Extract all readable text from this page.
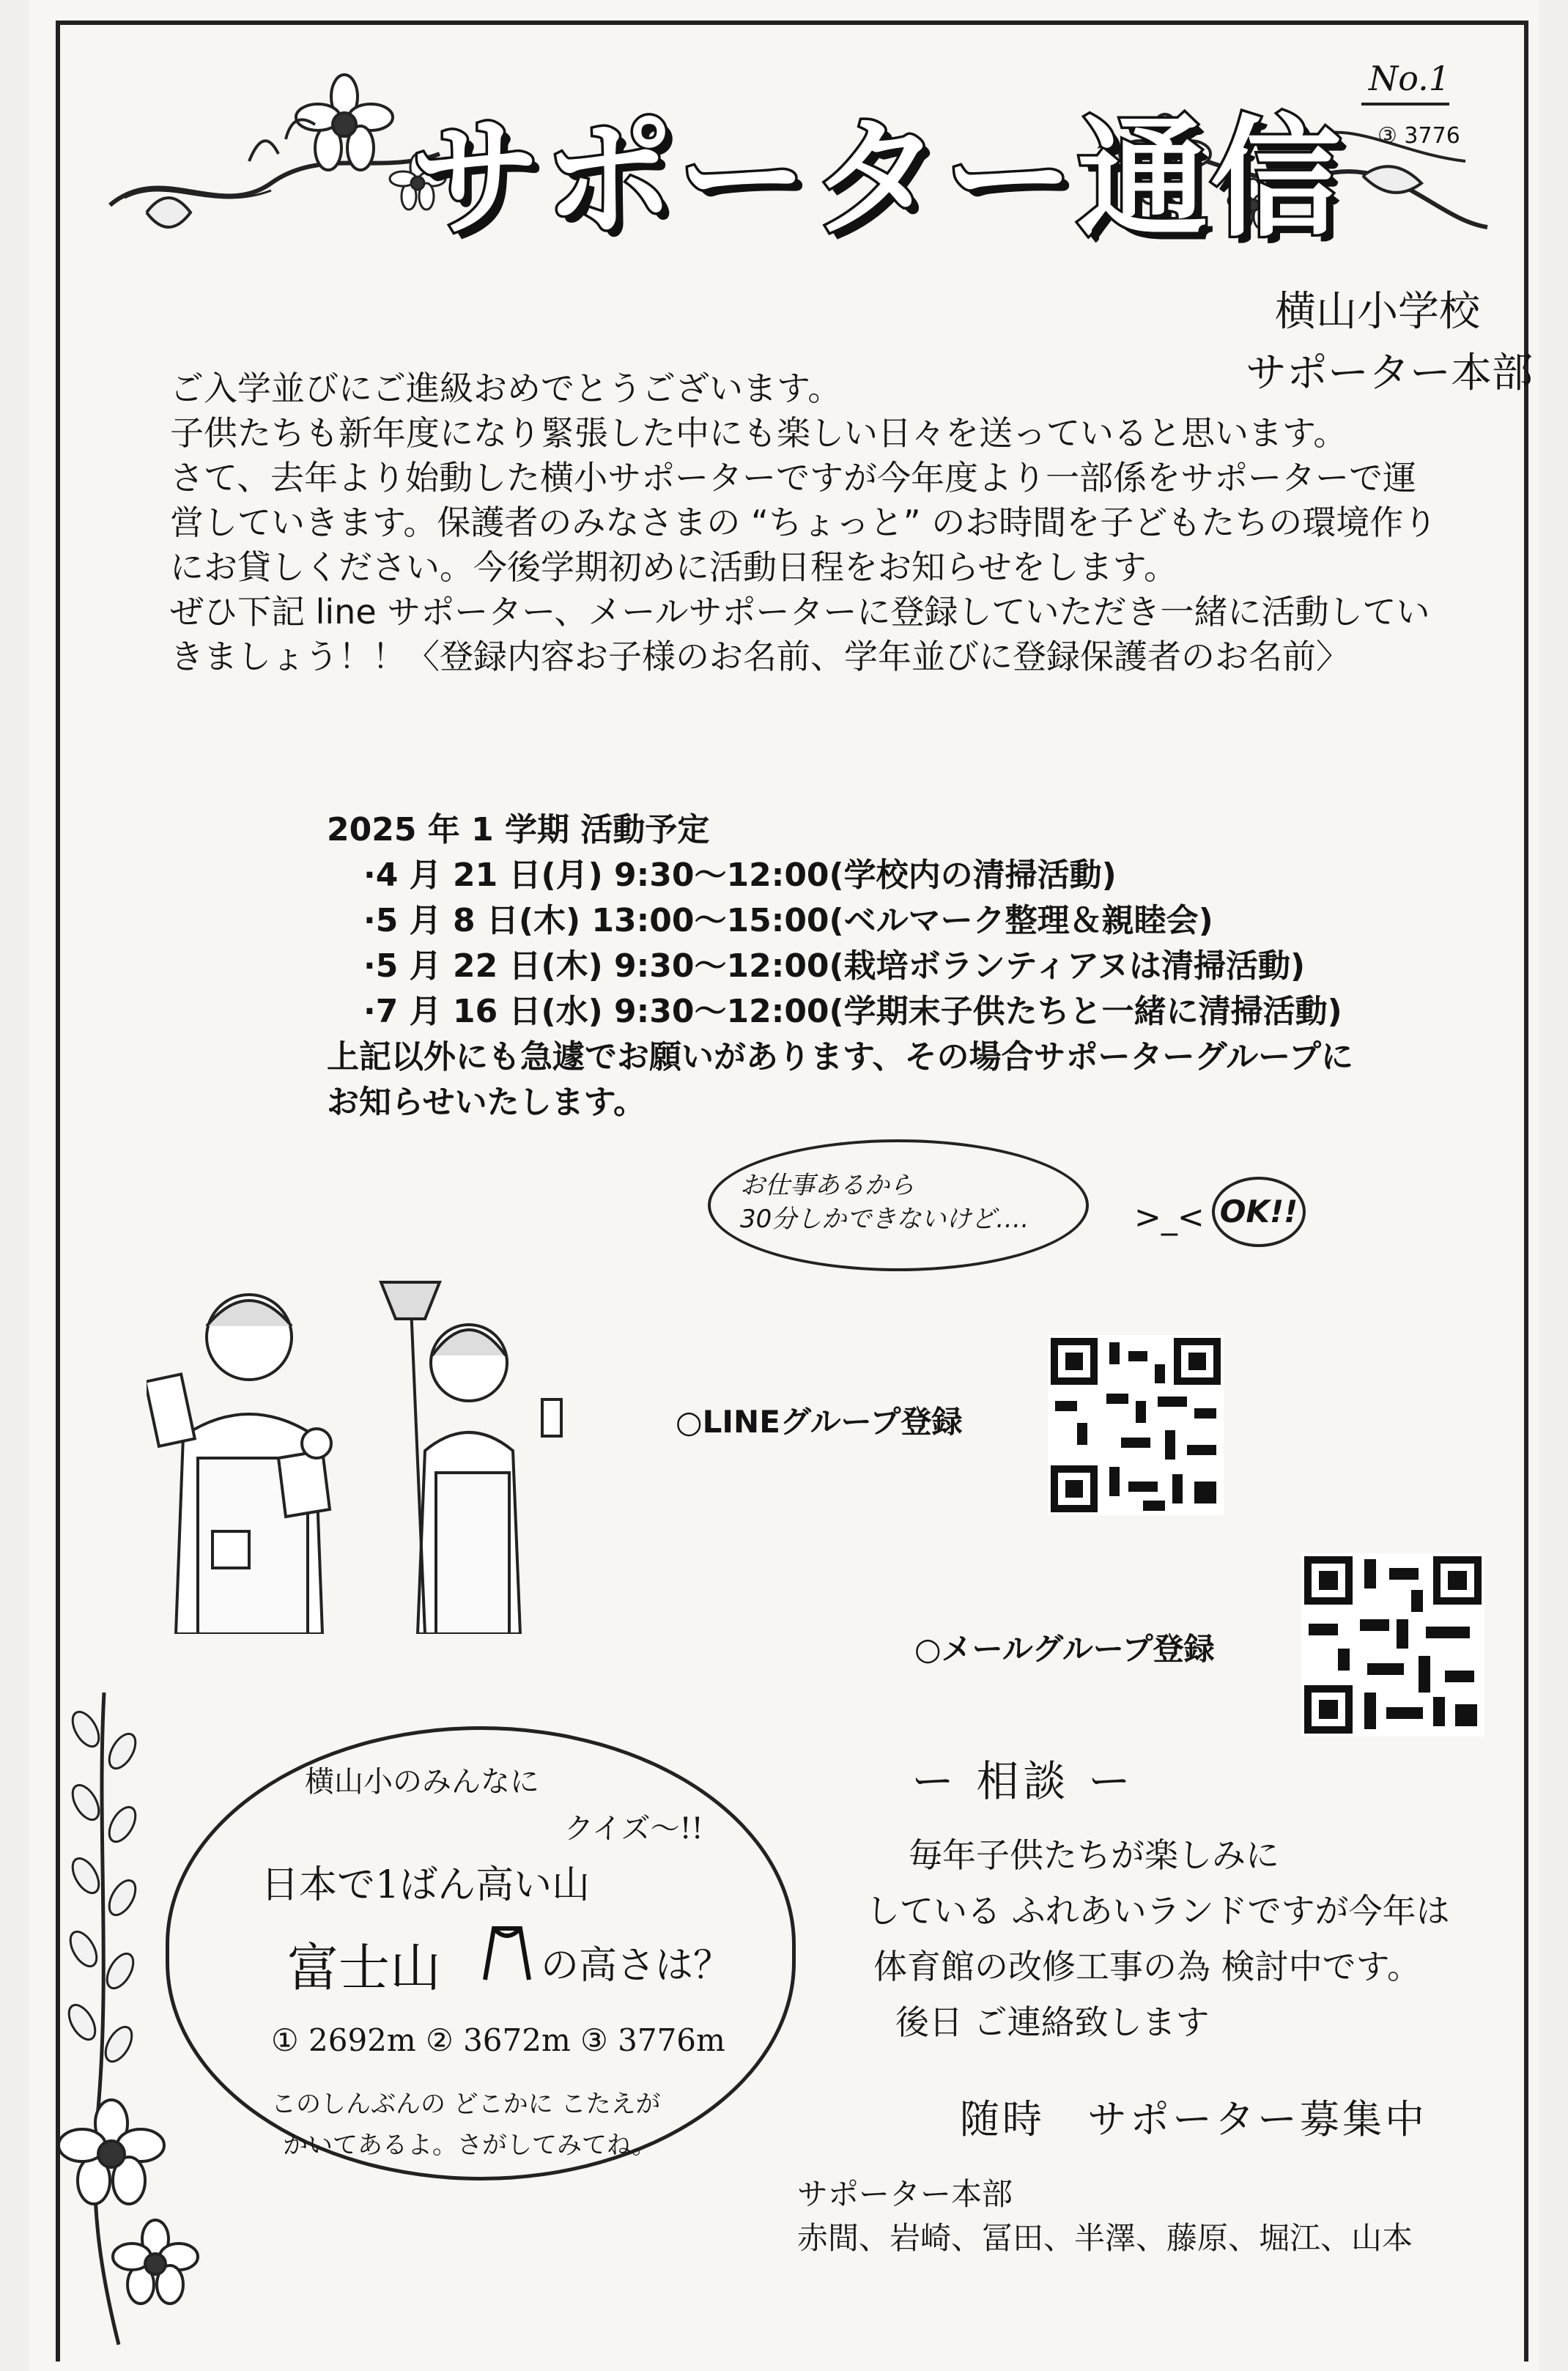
No.1
③ 3776
サポーター通信
横山小学校
サポーター本部
ご入学並びにご進級おめでとうございます。
子供たちも新年度になり緊張した中にも楽しい日々を送っていると思います。
さて、去年より始動した横小サポーターですが今年度より一部係をサポーターで運
営していきます。保護者のみなさまの “ちょっと” のお時間を子どもたちの環境作り
にお貸しください。今後学期初めに活動日程をお知らせをします。
ぜひ下記 line サポーター、メールサポーターに登録していただき一緒に活動してい
きましょう！！〈登録内容お子様のお名前、学年並びに登録保護者のお名前〉
2025 年 1 学期 活動予定
·4 月 21 日(月) 9:30～12:00(学校内の清掃活動)
·5 月 8 日(木) 13:00～15:00(ベルマーク整理＆親睦会)
·5 月 22 日(木) 9:30～12:00(栽培ボランティアヌは清掃活動)
·7 月 16 日(水) 9:30～12:00(学期末子供たちと一緒に清掃活動)
上記以外にも急遽でお願いがあります、その場合サポーターグループに
お知らせいたします。
お仕事あるから
30分しかできないけど‥‥	>_< OK!!
○LINEグループ登録
○メールグループ登録
横山小のみんなに
クイズ～!!
日本で1ばん高い山
富士山	の高さは？
① 2692m ② 3672m ③ 3776m
このしんぶんの どこかに こたえが
かいてあるよ。さがしてみてね。
ー 相談 ー
毎年子供たちが楽しみに
している ふれあいランドですが今年は
体育館の改修工事の為 検討中です。
後日 ご連絡致します
随時　サポーター募集中
サポーター本部
赤間、岩崎、冨田、半澤、藤原、堀江、山本
